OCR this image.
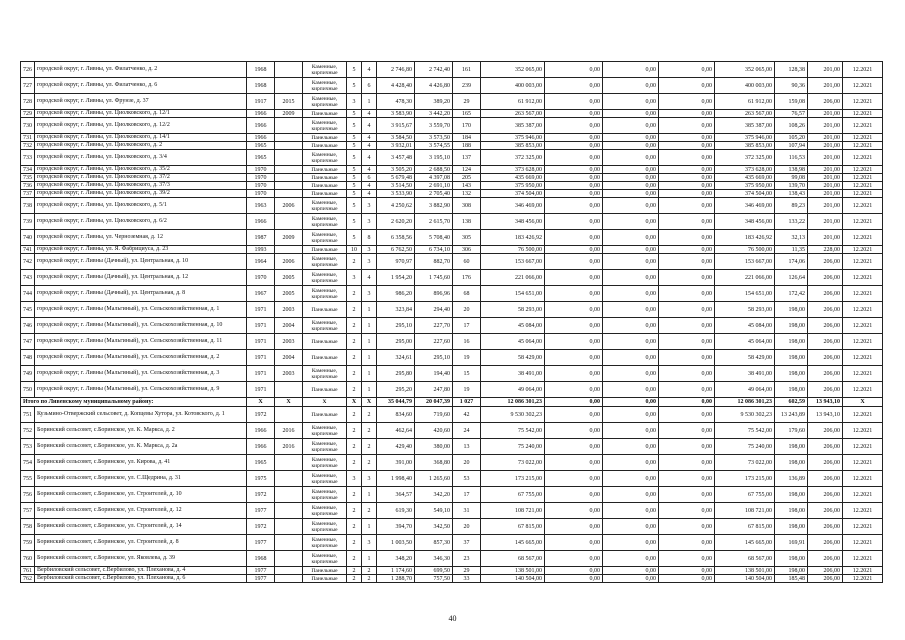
726	городской округ, г. Ливны, ул. Филатченко, д. 2	1968		Каменные, кирпичные	5	4	2 746,80	2 742,40	161	352 065,00	0,00	0,00	0,00	352 065,00	128,38	201,00	12.2021
727	городской округ, г. Ливны, ул. Филатченко, д. 6	1968		Каменные, кирпичные	5	6	4 428,40	4 426,80	239	400 003,00	0,00	0,00	0,00	400 003,00	90,36	201,00	12.2021
728	городской округ, г. Ливны, ул. Фрунзе, д. 37	1917	2015	Каменные, кирпичные	3	1	478,30	389,20	29	61 912,00	0,00	0,00	0,00	61 912,00	159,08	206,00	12.2021
729	городской округ, г. Ливны, ул. Циолковского, д. 12/1	1966	2009	Панельные	5	4	3 583,90	3 442,20	165	263 567,00	0,00	0,00	0,00	263 567,00	76,57	201,00	12.2021
730	городской округ, г. Ливны, ул. Циолковского, д. 12/2	1966		Каменные, кирпичные	5	4	3 915,67	3 559,70	170	385 387,00	0,00	0,00	0,00	385 387,00	108,26	201,00	12.2021
731	городской округ, г. Ливны, ул. Циолковского, д. 14/1	1966		Панельные	5	4	3 584,50	3 573,50	184	375 946,00	0,00	0,00	0,00	375 946,00	105,20	201,00	12.2021
732	городской округ, г. Ливны, ул. Циолковского, д. 2	1965		Панельные	5	4	3 932,01	3 574,55	188	385 853,00	0,00	0,00	0,00	385 853,00	107,94	201,00	12.2021
733	городской округ, г. Ливны, ул. Циолковского, д. 3/4	1965		Каменные, кирпичные	5	4	3 457,48	3 195,10	137	372 325,00	0,00	0,00	0,00	372 325,00	116,53	201,00	12.2021
734	городской округ, г. Ливны, ул. Циолковского, д. 35/2	1970		Панельные	5	4	3 505,20	2 688,50	124	373 628,00	0,00	0,00	0,00	373 628,00	138,98	201,00	12.2021
735	городской округ, г. Ливны, ул. Циолковского, д. 37/2	1970		Панельные	5	6	5 679,48	4 397,08	205	435 669,00	0,00	0,00	0,00	435 669,00	99,08	201,00	12.2021
736	городской округ, г. Ливны, ул. Циолковского, д. 37/3	1970		Панельные	5	4	3 514,50	2 691,10	143	375 950,00	0,00	0,00	0,00	375 950,00	139,70	201,00	12.2021
737	городской округ, г. Ливны, ул. Циолковского, д. 39/2	1970		Панельные	5	4	3 533,90	2 705,40	132	374 504,00	0,00	0,00	0,00	374 504,00	138,43	201,00	12.2021
738	городской округ, г. Ливны, ул. Циолковского, д. 5/1	1963	2006	Каменные, кирпичные	5	3	4 250,62	3 882,90	308	346 469,00	0,00	0,00	0,00	346 469,00	89,23	201,00	12.2021
739	городской округ, г. Ливны, ул. Циолковского, д. 6/2	1966		Каменные, кирпичные	5	3	2 620,20	2 615,70	138	348 456,00	0,00	0,00	0,00	348 456,00	133,22	201,00	12.2021
740	городской округ, г. Ливны, ул. Черноземная, д. 12	1987	2009	Каменные, кирпичные	5	8	6 358,56	5 708,40	305	183 426,92	0,00	0,00	0,00	183 426,92	32,13	201,00	12.2021
741	городской округ, г. Ливны, ул. Я. Фабрициуса, д. 23	1993		Панельные	10	3	6 762,50	6 734,10	306	76 500,00	0,00	0,00	0,00	76 500,00	11,35	228,00	12.2021
742	городской округ, г. Ливны (Дачный), ул. Центральная, д. 10	1964	2006	Каменные, кирпичные	2	3	970,97	882,70	60	153 667,00	0,00	0,00	0,00	153 667,00	174,06	206,00	12.2021
743	городской округ, г. Ливны (Дачный), ул. Центральная, д. 12	1970	2005	Каменные, кирпичные	3	4	1 954,20	1 745,60	176	221 066,00	0,00	0,00	0,00	221 066,00	126,64	206,00	12.2021
744	городской округ, г. Ливны (Дачный), ул. Центральная, д. 8	1967	2005	Каменные, кирпичные	2	3	986,20	896,96	68	154 651,00	0,00	0,00	0,00	154 651,00	172,42	206,00	12.2021
745	городской округ, г. Ливны (Мальгиный), ул. Сельскохозяйственная, д. 1	1971	2003	Панельные	2	1	323,84	294,40	20	58 293,00	0,00	0,00	0,00	58 293,00	198,00	206,00	12.2021
746	городской округ, г. Ливны (Мальгиный), ул. Сельскохозяйственная, д. 10	1971	2004	Каменные, кирпичные	2	1	295,10	227,70	17	45 084,00	0,00	0,00	0,00	45 084,00	198,00	206,00	12.2021
747	городской округ, г. Ливны (Мальгиный), ул. Сельскохозяйственная, д. 11	1971	2003	Панельные	2	1	295,00	227,60	16	45 064,00	0,00	0,00	0,00	45 064,00	198,00	206,00	12.2021
748	городской округ, г. Ливны (Мальгиный), ул. Сельскохозяйственная, д. 2	1971	2004	Панельные	2	1	324,61	295,10	19	58 429,00	0,00	0,00	0,00	58 429,00	198,00	206,00	12.2021
749	городской округ, г. Ливны (Мальгиный), ул. Сельскохозяйственная, д. 3	1971	2003	Каменные, кирпичные	2	1	295,80	194,40	15	38 491,00	0,00	0,00	0,00	38 491,00	198,00	206,00	12.2021
750	городской округ, г. Ливны (Мальгиный), ул. Сельскохозяйственная, д. 9	1971		Панельные	2	1	295,20	247,80	19	49 064,00	0,00	0,00	0,00	49 064,00	198,00	206,00	12.2021
Итого по Ливенскому муниципальному району:		X	X	X	X	X	35 044,79	20 047,39	1 027	12 086 301,23	0,00	0,00	0,00	12 086 301,23	602,59	13 943,10	X
751	Кузьмино-Отвержский сельсовет, д. Копцевы Хутора, ул. Котовского, д. 1	1972		Панельные	2	2	834,60	719,60	42	9 530 302,23	0,00	0,00	0,00	9 530 302,23	13 243,89	13 943,10	12.2021
752	Боринский сельсовет, с.Боринское, ул. К. Маркса, д. 2	1966	2016	Каменные, кирпичные	2	2	462,64	420,60	24	75 542,00	0,00	0,00	0,00	75 542,00	179,60	206,00	12.2021
753	Боринский сельсовет, с.Боринское, ул. К. Маркса, д. 2а	1966	2016	Каменные, кирпичные	2	2	429,40	380,00	13	75 240,00	0,00	0,00	0,00	75 240,00	198,00	206,00	12.2021
754	Боринский сельсовет, с.Боринское, ул. Кирова, д. 41	1965		Каменные, кирпичные	2	2	391,00	368,80	20	73 022,00	0,00	0,00	0,00	73 022,00	198,00	206,00	12.2021
755	Боринский сельсовет, с.Боринское, ул. С.Щедрина, д. 31	1975		Каменные, кирпичные	3	3	1 998,40	1 265,60	53	173 215,00	0,00	0,00	0,00	173 215,00	136,89	206,00	12.2021
756	Боринский сельсовет, с.Боринское, ул. Строителей, д. 10	1972		Каменные, кирпичные	2	1	364,57	342,20	17	67 755,00	0,00	0,00	0,00	67 755,00	198,00	206,00	12.2021
757	Боринский сельсовет, с.Боринское, ул. Строителей, д. 12	1977		Каменные, кирпичные	2	2	619,30	549,10	31	108 721,00	0,00	0,00	0,00	108 721,00	198,00	206,00	12.2021
758	Боринский сельсовет, с.Боринское, ул. Строителей, д. 14	1972		Каменные, кирпичные	2	1	394,70	342,50	20	67 815,00	0,00	0,00	0,00	67 815,00	198,00	206,00	12.2021
759	Боринский сельсовет, с.Боринское, ул. Строителей, д. 8	1977		Каменные, кирпичные	2	3	1 003,50	857,30	37	145 665,00	0,00	0,00	0,00	145 665,00	169,91	206,00	12.2021
760	Боринский сельсовет, с.Боринское, ул. Яковлева, д. 39	1968		Каменные, кирпичные	2	1	348,20	346,30	23	68 567,00	0,00	0,00	0,00	68 567,00	198,00	206,00	12.2021
761	Вербиловский сельсовет, с.Вербилово, ул. Плеханова, д. 4	1977		Панельные	2	2	1 174,60	699,50	29	138 501,00	0,00	0,00	0,00	138 501,00	198,00	206,00	12.2021
762	Вербиловский сельсовет, с.Вербилово, ул. Плеханова, д. 6	1977		Панельные	2	2	1 288,70	757,50	33	140 504,00	0,00	0,00	0,00	140 504,00	185,48	206,00	12.2021
40
